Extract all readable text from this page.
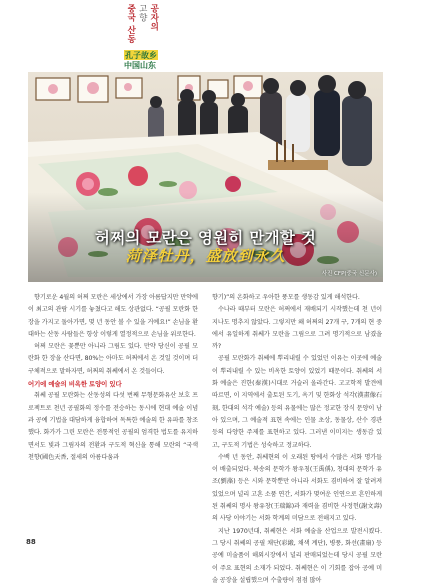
공자의
고향
중국 산동
孔子故乡
中国山东
허쩌의 모란은 영원히 만개할 것
菏泽牡丹，盛放到永久
사진 CFP(중국 신문사)

향기로운 4월의 허쩌 모란은 세상에서 가장 아름답지만 만약에 이 최고의 관람 시기를 놓쳤다고 해도 상관없다. “공필 모란화 한 장을 가지고 돌아가면, 몇 년 동안 볼 수 있을 거예요!” 손님을 환대하는 산동 사람들은 항상 이렇게 열정적으로 손님을 위로한다.

허쩌 모란은 꽃뿐만 아니라 그림도 있다. 만약 당신이 공필 모란화 한 장을 산다면, 80%는 아마도 허쩌에서 온 것일 것이며 더 구체적으로 말하자면, 허쩌의 취쎄에서 온 것들이다.

어기에 예술의 비옥한 토양이 있다

취쎄 공필 모란화는 산동성의 다섯 번째 무형문화유산 보호 프로젝트로 천년 공필화의 정수를 전승하는 동시에 현대 예술 이념과 공예 기법을 대담하게 융합하여 독특한 예술의 한 유파를 창조했다. 화가가 그린 모란은 전통적인 공필의 엄격한 법도를 유지하면서도 빛과 그림자의 전환과 구도적 혁신을 통해 모란의 “국색천향(國色天香, 절세의 아름다움과

향기)”의 온화하고 우아한 풍모를 생동감 있게 해석한다.

수나라 때부터 모란은 허쩌에서 재배되기 시작했는데 천 년이 지나도 명추지 않았다. 그렇지만 왜 허쩌의 27개 구, 7개의 현 중에서 유일하게 취쎄가 모란을 그림으로 그려 명기적으로 남겼을까?

공필 모란화가 취쎄에 뿌리내릴 수 있었던 이유는 이곳에 예술이 뿌리내릴 수 있는 비옥한 토양이 있었기 때문이다. 취쎄의 서화 예술은 진한(秦漢)시대로 거슬러 올라간다. 고고학적 발견에 따르면, 이 지역에서 출토된 도기, 옥기 및 한화상 석각(漢畫像石刻, 한대의 석각 예술) 등의 유물에는 많은 정교한 장식 문양이 남아 있으며, 그 예술적 표현 속에는 인물 초상, 동물상, 산수 경관 등의 다양한 주제를 표현하고 있다. 그러낸 이미지는 생동감 있고, 구도적 기법은 성숙하고 정교하다.

수백 년 동안, 취쎄현의 이 오래된 땅에서 수많은 서화 명가들이 배출되었다. 북송의 문학가 왕우칭(王禹偁), 청대의 문학가 유조(劉藻) 등은 시와 문학뿐만 아니라 서화도 겸비하여 잘 알려져 있었으며 널리 고혼 소품 연간, 서화가 몇여운 인연으로 흔인하게 된 취쎄의 명사 왕유창(王瑞錦)과 재력을 겸비한 사정헌(謝文壽)의 사당 이야기는 서화 학계의 미담으로 전해지고 있다.

지난 1970년대, 취쎄현은 서화 예술을 산업으로 발전시켰다. 그 당시 취쎄의 공필 채단(彩緞, 채색 계단), 병풍, 화선(畫扇) 등 공예 미술품이 해외시장에서 널리 판매되었는데 당시 공필 모란이 주요 표현의 소재가 되었다. 취쎄현은 이 기회를 잡아 공예 미술 공장을 설립했으며 수출량이 점점 많아

88
